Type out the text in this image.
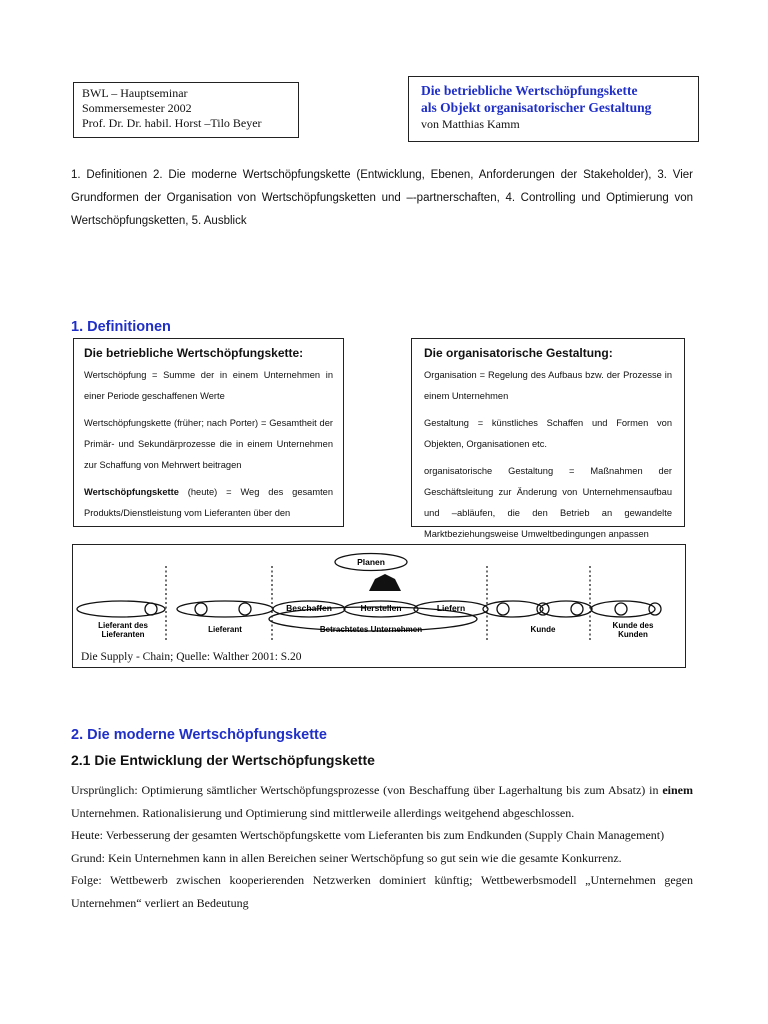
BWL – Hauptseminar
Sommersemester 2002
Prof. Dr. Dr. habil. Horst –Tilo Beyer
Die betriebliche Wertschöpfungskette
als Objekt organisatorischer Gestaltung
von Matthias Kamm
1. Definitionen 2. Die moderne Wertschöpfungskette (Entwicklung, Ebenen, Anforderungen der Stakeholder), 3. Vier Grundformen der Organisation von Wertschöpfungsketten und –-partnerschaften, 4. Controlling und Optimierung von Wertschöpfungsketten, 5. Ausblick
1. Definitionen
Die betriebliche Wertschöpfungskette:

Wertschöpfung = Summe der in einem Unternehmen in einer Periode geschaffenen Werte

Wertschöpfungskette (früher; nach Porter) = Gesamtheit der Primär- und Sekundärprozesse die in einem Unternehmen zur Schaffung von Mehrwert beitragen

Wertschöpfungskette (heute) = Weg des gesamten Produkts/Dienstleistung vom Lieferanten über den

Die organisatorische Gestaltung:

Organisation = Regelung des Aufbaus bzw. der Prozesse in einem Unternehmen

Gestaltung = künstliches Schaffen und Formen von Objekten, Organisationen etc.

organisatorische Gestaltung = Maßnahmen der Geschäftsleitung zur Änderung von Unternehmensaufbau und –abläufen, die den Betrieb an gewandelte Marktbeziehungsweise Umweltbedingungen anpassen

Planen
Beschaffen	Herstellen	Liefern
Lieferant des
Lieferanten
Lieferant	Betrachtetes Unternehmen	Kunde	Kunde des
Kunden
Die Supply - Chain; Quelle: Walther 2001: S.20
2. Die moderne Wertschöpfungskette
2.1 Die Entwicklung der Wertschöpfungskette

Ursprünglich: Optimierung sämtlicher Wertschöpfungsprozesse (von Beschaffung über Lagerhaltung bis zum Absatz) in einem Unternehmen. Rationalisierung und Optimierung sind mittlerweile allerdings weitgehend abgeschlossen.

Heute: Verbesserung der gesamten Wertschöpfungskette vom Lieferanten bis zum Endkunden (Supply Chain Management)

Grund: Kein Unternehmen kann in allen Bereichen seiner Wertschöpfung so gut sein wie die gesamte Konkurrenz.

Folge: Wettbewerb zwischen kooperierenden Netzwerken dominiert künftig; Wettbewerbsmodell „Unternehmen gegen Unternehmen“ verliert an Bedeutung
